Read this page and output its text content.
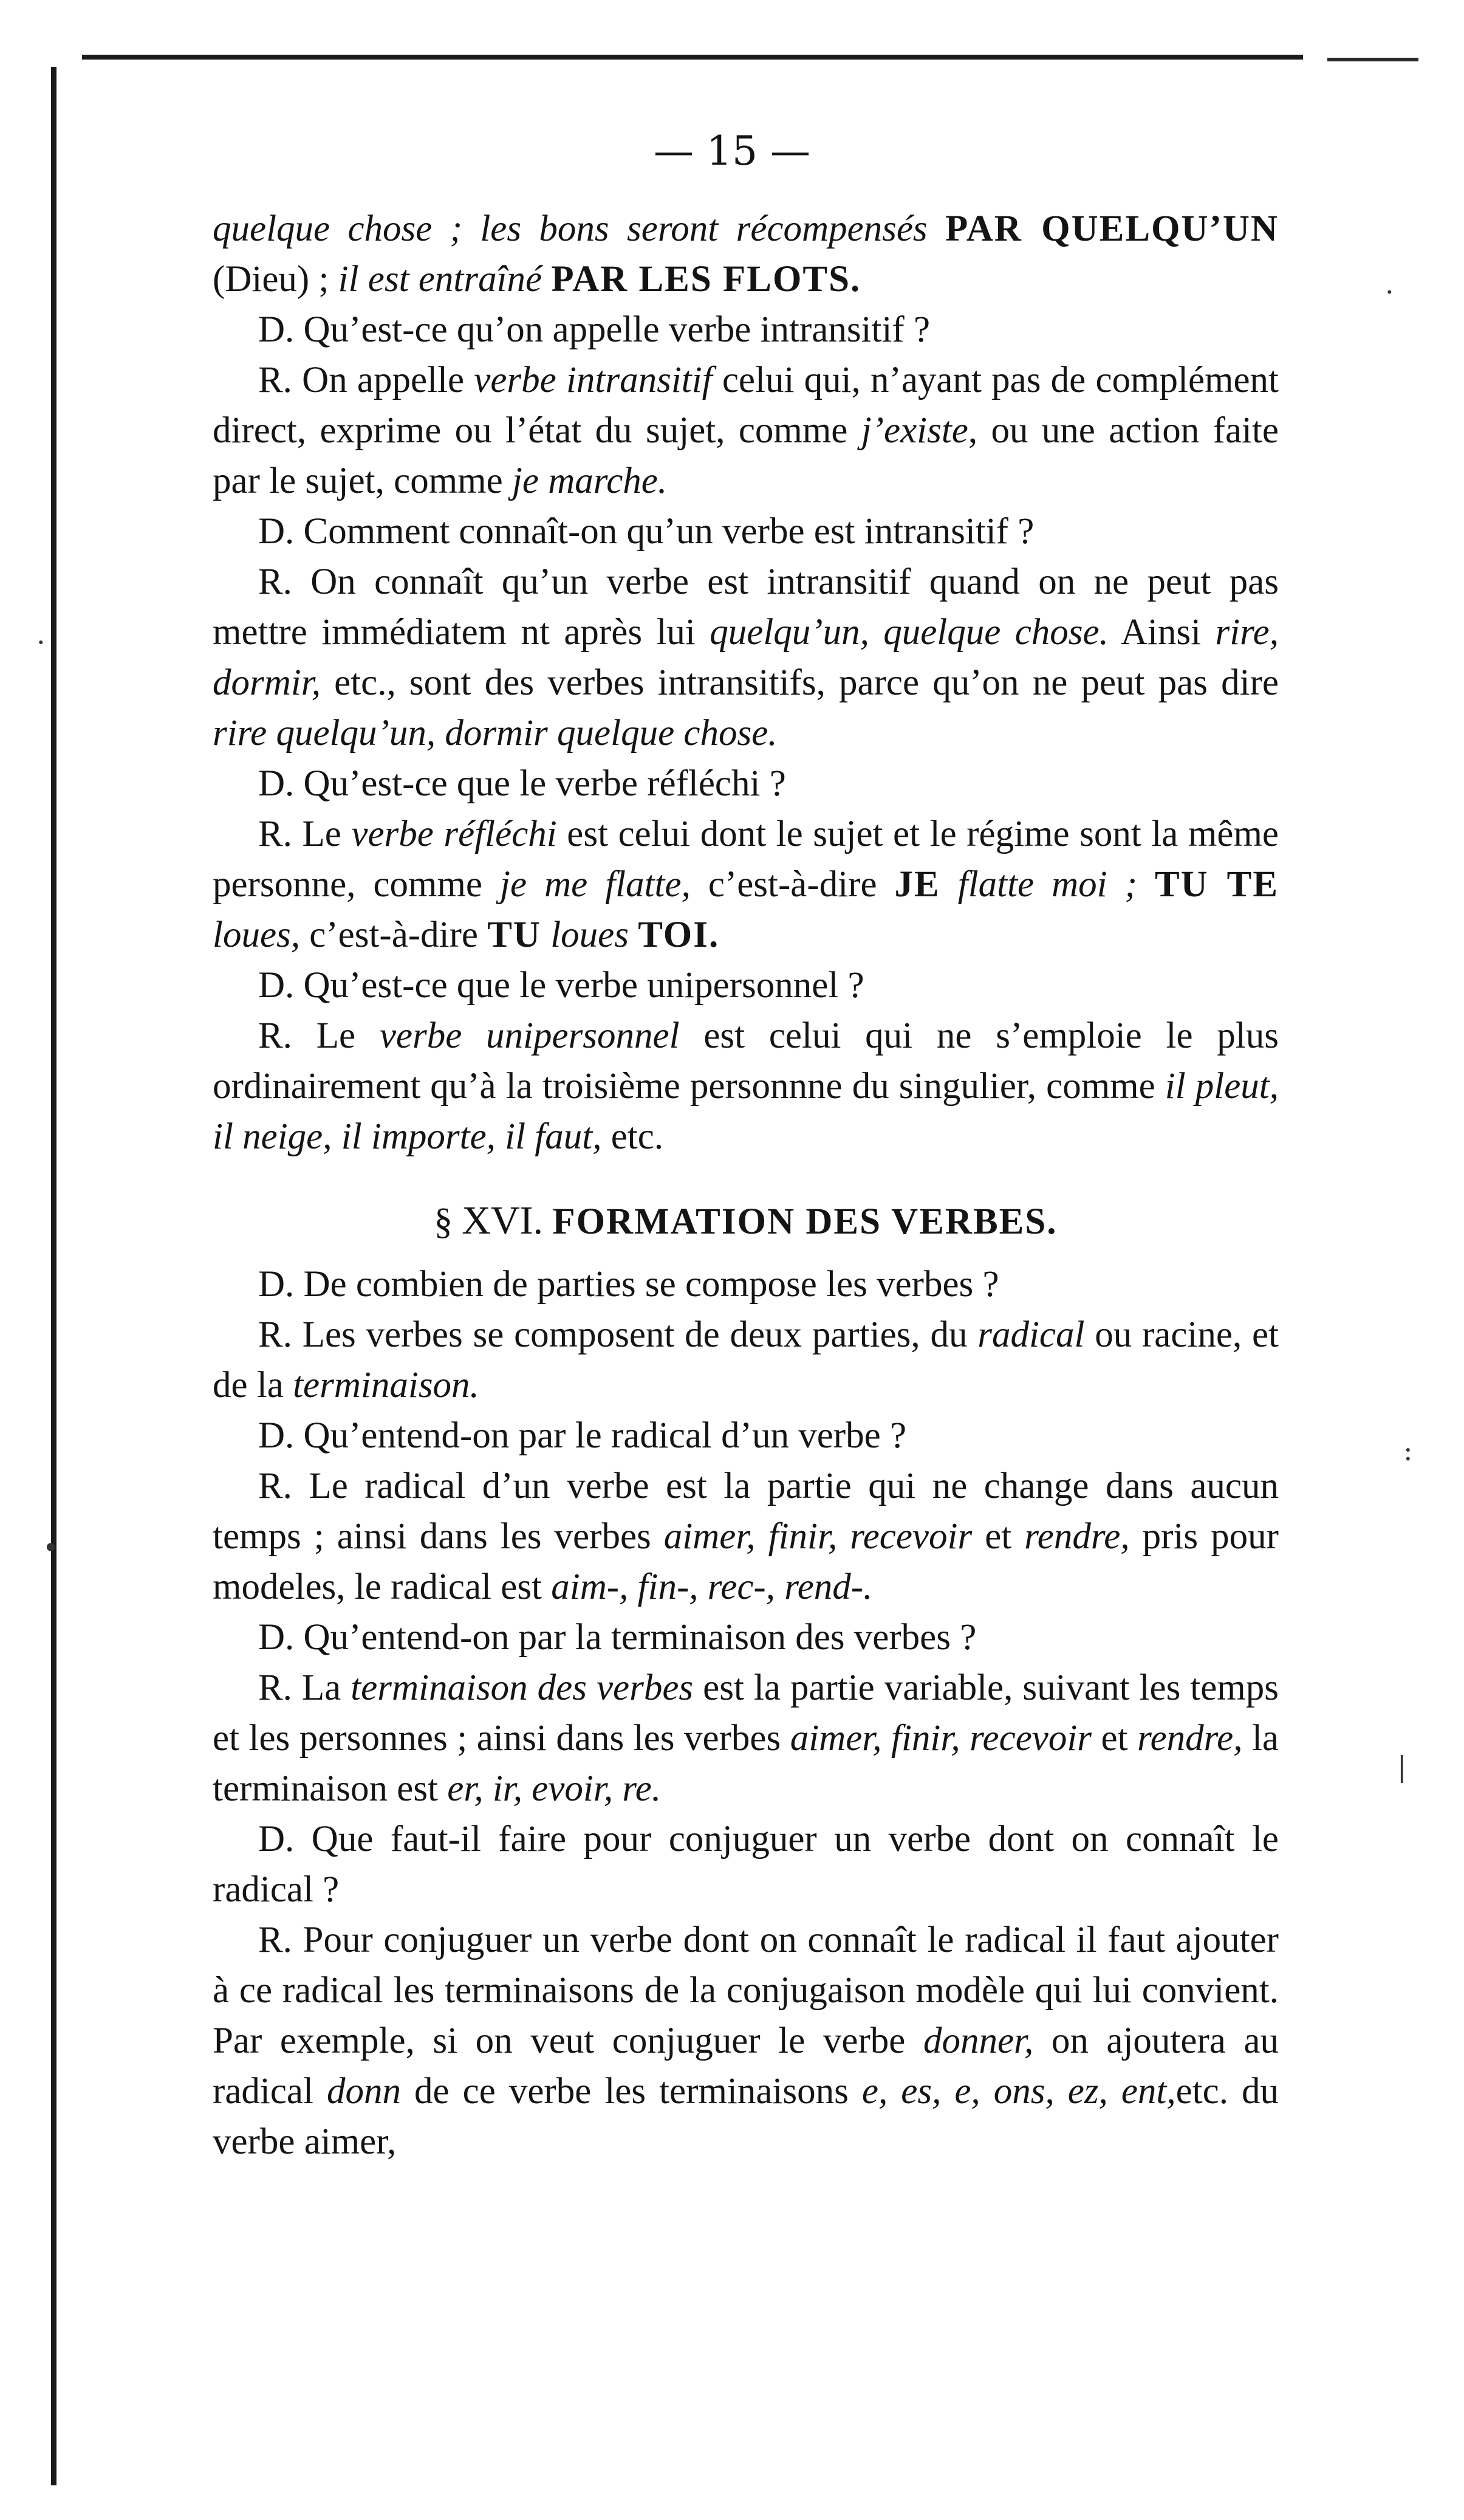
— 15 —

quelque chose ; les bons seront récompensés PAR QUELQU’UN (Dieu) ; il est entraîné PAR LES FLOTS.

D. Qu’est-ce qu’on appelle verbe intransitif ?

R. On appelle verbe intransitif celui qui, n’ayant pas de complément direct, exprime ou l’état du sujet, comme j’existe, ou une action faite par le sujet, comme je marche.

D. Comment connaît-on qu’un verbe est intransitif ?

R. On connaît qu’un verbe est intransitif quand on ne peut pas mettre immédiatem nt après lui quelqu’un, quelque chose. Ainsi rire, dormir, etc., sont des verbes intransitifs, parce qu’on ne peut pas dire rire quelqu’un, dormir quelque chose.

D. Qu’est-ce que le verbe réfléchi ?

R. Le verbe réfléchi est celui dont le sujet et le régime sont la même personne, comme je me flatte, c’est-à-dire JE flatte moi ; TU TE loues, c’est-à-dire TU loues TOI.

D. Qu’est-ce que le verbe unipersonnel ?

R. Le verbe unipersonnel est celui qui ne s’emploie le plus ordinairement qu’à la troisième personnne du singulier, comme il pleut, il neige, il importe, il faut, etc.

§ XVI. FORMATION DES VERBES.

D. De combien de parties se compose les verbes ?

R. Les verbes se composent de deux parties, du radical ou racine, et de la terminaison.

D. Qu’entend-on par le radical d’un verbe ?

R. Le radical d’un verbe est la partie qui ne change dans aucun temps ; ainsi dans les verbes aimer, finir, recevoir et rendre, pris pour modeles, le radical est aim-, fin-, rec-, rend-.

D. Qu’entend-on par la terminaison des verbes ?

R. La terminaison des verbes est la partie variable, suivant les temps et les personnes ; ainsi dans les verbes aimer, finir, recevoir et rendre, la terminaison est er, ir, evoir, re.

D. Que faut-il faire pour conjuguer un verbe dont on connaît le radical ?

R. Pour conjuguer un verbe dont on connaît le radical il faut ajouter à ce radical les terminaisons de la conjugaison modèle qui lui convient. Par exemple, si on veut conjuguer le verbe donner, on ajoutera au radical donn de ce verbe les terminaisons e, es, e, ons, ez, ent,etc. du verbe aimer,

.
·
:
|
•
